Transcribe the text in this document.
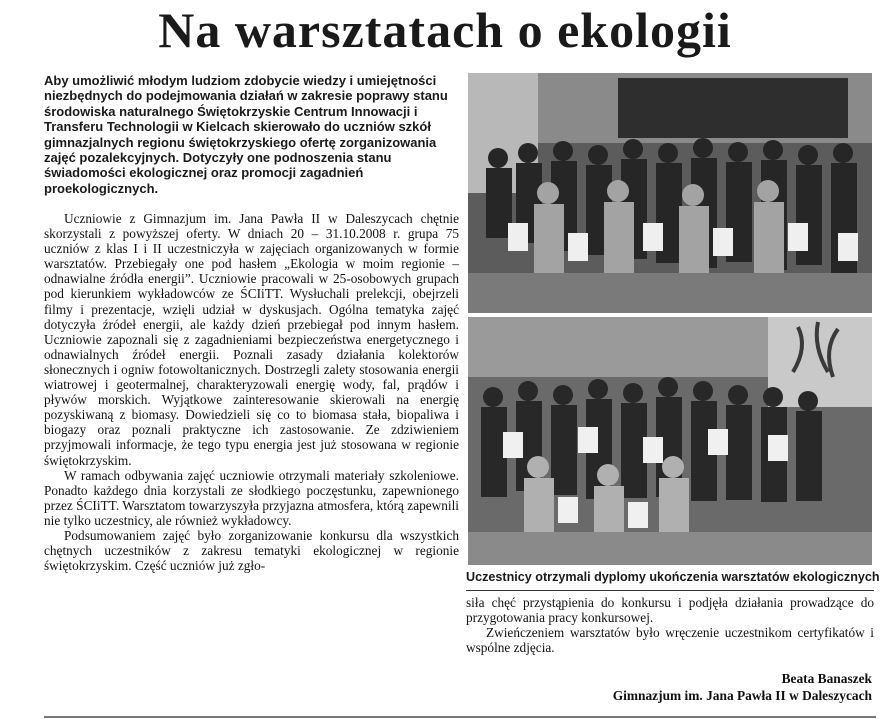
Na warsztatach o ekologii

Aby umożliwić młodym ludziom zdobycie wiedzy i umiejętności niezbędnych do podejmowania działań w zakresie poprawy stanu środowiska naturalnego Świętokrzyskie Centrum Innowacji i Transferu Technologii w Kielcach skierowało do uczniów szkół gimnazjalnych regionu świętokrzyskiego ofertę zorganizowania zajęć pozalekcyjnych. Dotyczyły one podnoszenia stanu świadomości ekologicznej oraz promocji zagadnień proekologicznych.

Uczniowie z Gimnazjum im. Jana Pawła II w Daleszycach chętnie skorzystali z powyższej oferty. W dniach 20 – 31.10.2008 r. grupa 75 uczniów z klas I i II uczestniczyła w zajęciach organizowanych w formie warsztatów. Przebiegały one pod hasłem „Ekologia w moim regionie – odnawialne źródła energii”. Uczniowie pracowali w 25-osobowych grupach pod kierunkiem wykładowców ze ŚCIiTT. Wysłuchali prelekcji, obejrzeli filmy i prezentacje, wzięli udział w dyskusjach. Ogólna tematyka zajęć dotyczyła źródeł energii, ale każdy dzień przebiegał pod innym hasłem. Uczniowie zapoznali się z zagadnieniami bezpieczeństwa energetycznego i odnawialnych źródeł energii. Poznali zasady działania kolektorów słonecznych i ogniw fotowoltanicznych. Dostrzegli zalety stosowania energii wiatrowej i geotermalnej, charakteryzowali energię wody, fal, prądów i pływów morskich. Wyjątkowe zainteresowanie skierowali na energię pozyskiwaną z biomasy. Dowiedzieli się co to biomasa stała, biopaliwa i biogazy oraz poznali praktyczne ich zastosowanie. Ze zdziwieniem przyjmowali informacje, że tego typu energia jest już stosowana w regionie świętokrzyskim.

W ramach odbywania zajęć uczniowie otrzymali materiały szkoleniowe. Ponadto każdego dnia korzystali ze słodkiego poczęstunku, zapewnionego przez ŚCIiTT. Warsztatom towarzyszyła przyjazna atmosfera, którą zapewnili nie tylko uczestnicy, ale również wykładowcy.

Podsumowaniem zajęć było zorganizowanie konkursu dla wszystkich chętnych uczestników z zakresu tematyki ekologicznej w regionie świętokrzyskim. Część uczniów już zgło-

Uczestnicy otrzymali dyplomy ukończenia warsztatów ekologicznych

siła chęć przystąpienia do konkursu i podjęła działania prowadzące do przygotowania pracy konkursowej.

Zwieńczeniem warsztatów było wręczenie uczestnikom certyfikatów i wspólne zdjęcia.

Beata Banaszek
Gimnazjum im. Jana Pawła II w Daleszycach
